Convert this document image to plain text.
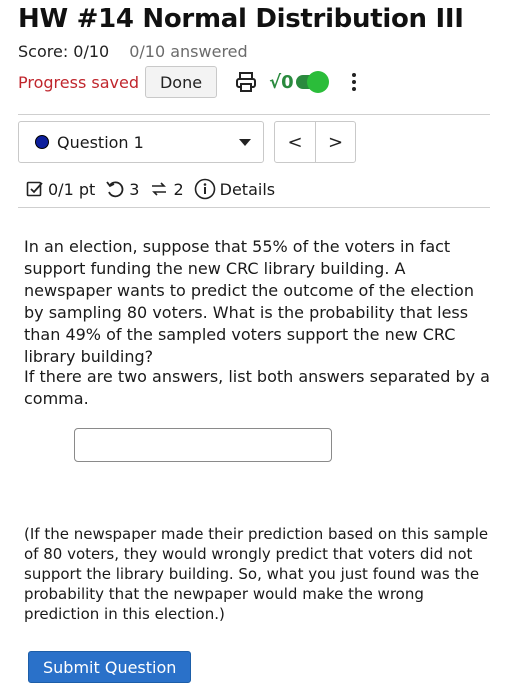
HW #14 Normal Distribution III
Score: 0/10 0/10 answered
Progress saved	Done	√0
Question 1	<	>
0/1 pt 3 2 Details

In an election, suppose that 55% of the voters in fact support funding the new CRC library building. A newspaper wants to predict the outcome of the election by sampling 80 voters. What is the probability that less than 49% of the sampled voters support the new CRC library building?

If there are two answers, list both answers separated by a comma.

(If the newspaper made their prediction based on this sample of 80 voters, they would wrongly predict that voters did not support the library building. So, what you just found was the probability that the newpaper would make the wrong prediction in this election.)

Submit Question
